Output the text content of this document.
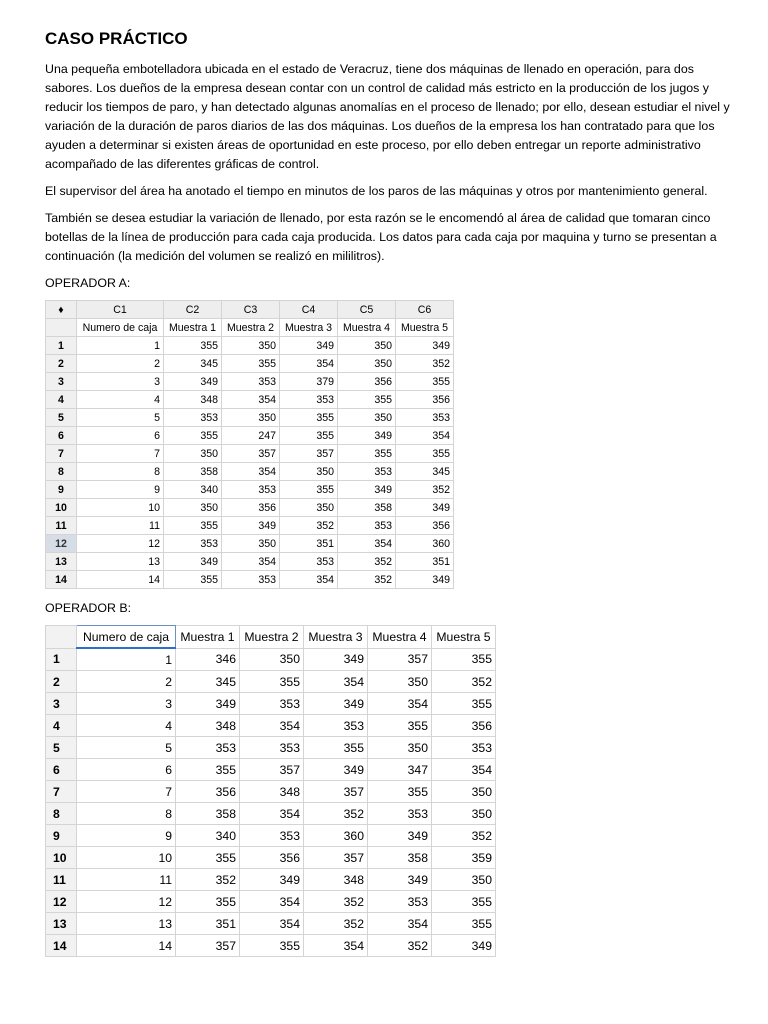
CASO PRÁCTICO

Una pequeña embotelladora ubicada en el estado de Veracruz, tiene dos máquinas de llenado en operación, para dos sabores. Los dueños de la empresa desean contar con un control de calidad más estricto en la producción de los jugos y reducir los tiempos de paro, y han detectado algunas anomalías en el proceso de llenado; por ello, desean estudiar el nivel y variación de la duración de paros diarios de las dos máquinas. Los dueños de la empresa los han contratado para que los ayuden a determinar si existen áreas de oportunidad en este proceso, por ello deben entregar un reporte administrativo acompañado de las diferentes gráficas de control.

El supervisor del área ha anotado el tiempo en minutos de los paros de las máquinas y otros por mantenimiento general.

También se desea estudiar la variación de llenado, por esta razón se le encomendó al área de calidad que tomaran cinco botellas de la línea de producción para cada caja producida. Los datos para cada caja por maquina y turno se presentan a continuación (la medición del volumen se realizó en mililitros).

OPERADOR A:
♦	C1	C2	C3	C4	C5	C6
	Numero de caja	Muestra 1	Muestra 2	Muestra 3	Muestra 4	Muestra 5
1	1	355	350	349	350	349
2	2	345	355	354	350	352
3	3	349	353	379	356	355
4	4	348	354	353	355	356
5	5	353	350	355	350	353
6	6	355	247	355	349	354
7	7	350	357	357	355	355
8	8	358	354	350	353	345
9	9	340	353	355	349	352
10	10	350	356	350	358	349
11	11	355	349	352	353	356
12	12	353	350	351	354	360
13	13	349	354	353	352	351
14	14	355	353	354	352	349
OPERADOR B:
	Numero de caja	Muestra 1	Muestra 2	Muestra 3	Muestra 4	Muestra 5
1	1	346	350	349	357	355
2	2	345	355	354	350	352
3	3	349	353	349	354	355
4	4	348	354	353	355	356
5	5	353	353	355	350	353
6	6	355	357	349	347	354
7	7	356	348	357	355	350
8	8	358	354	352	353	350
9	9	340	353	360	349	352
10	10	355	356	357	358	359
11	11	352	349	348	349	350
12	12	355	354	352	353	355
13	13	351	354	352	354	355
14	14	357	355	354	352	349
